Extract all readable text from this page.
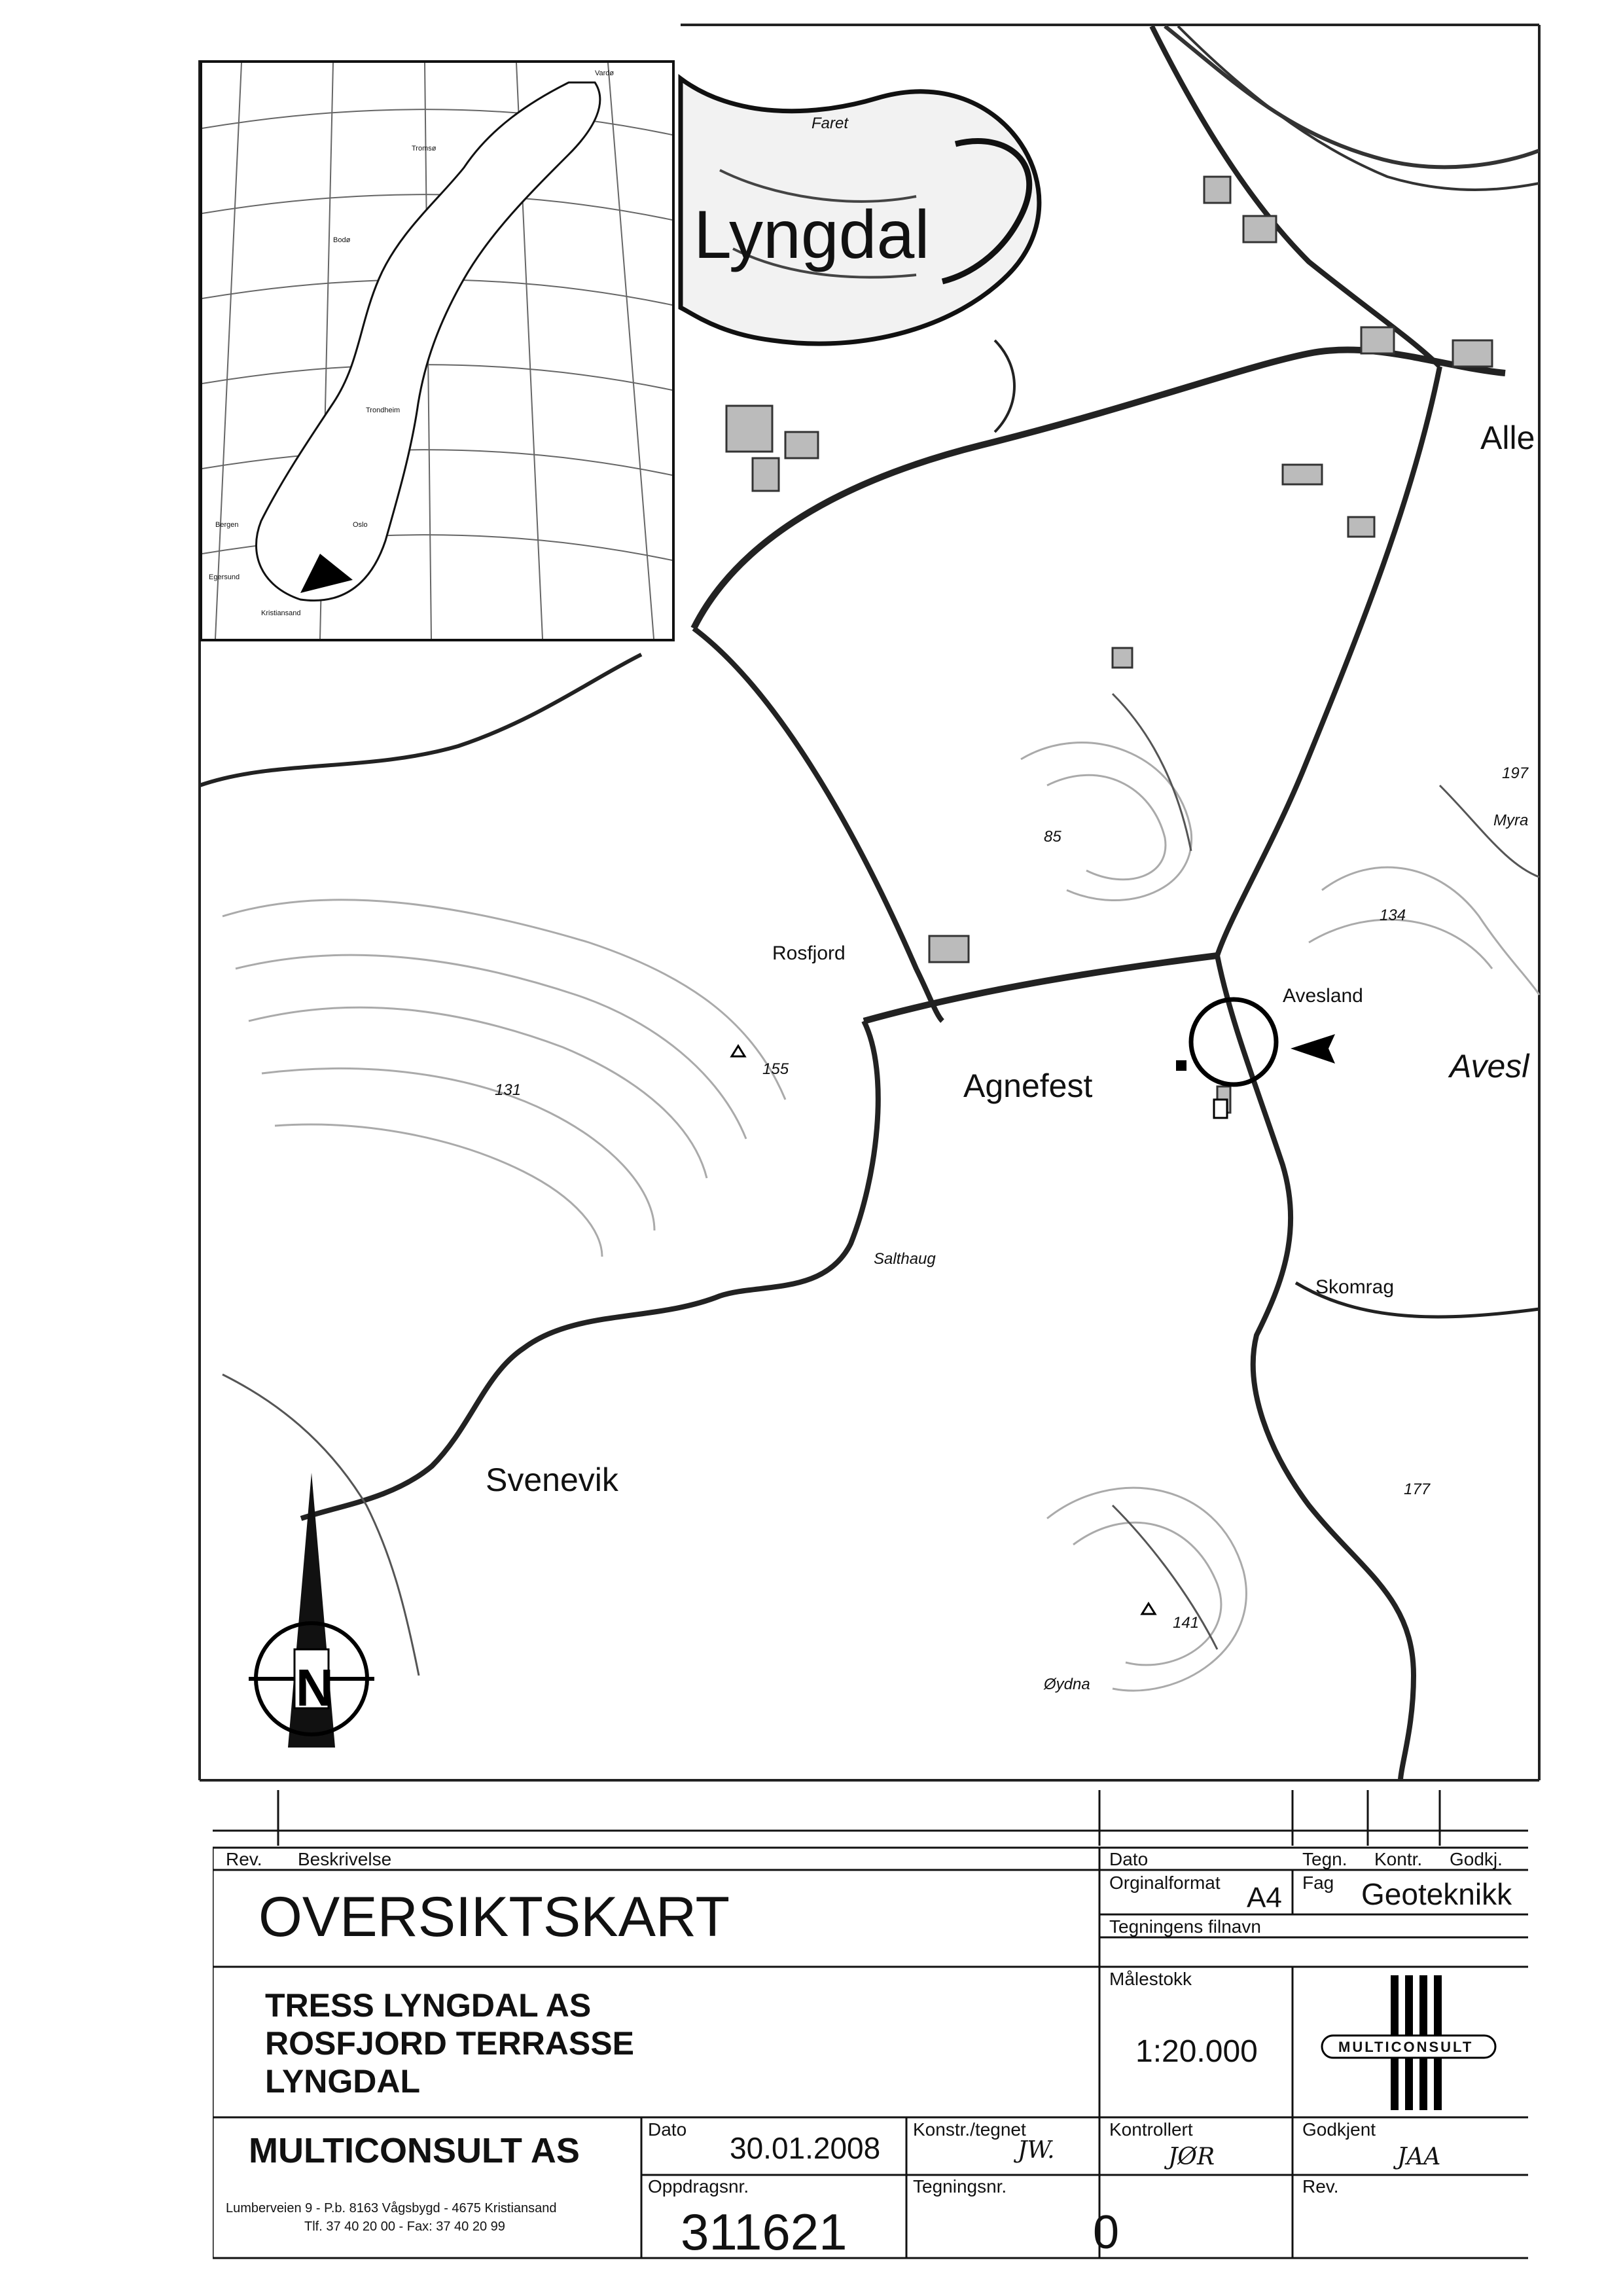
N
Lyngdal
Faret
Alle
Rosfjord
Agnefest
Avesland
Avesl
Salthaug
Skomrag
Svenevik
Øydna
Myra
197
134
85
155
131
177
141
Vardø
Tromsø
Bodø
Trondheim
Bergen	Oslo
Egersund
Kristiansand
Rev. Beskrivelse	Dato	Tegn. Kontr. Godkj.
Orginalformat A4 Fag Geoteknikk
OVERSIKTSKART	Tegningens filnavn
TRESS LYNGDAL AS
ROSFJORD TERRASSE
LYNGDAL
Målestokk
1:20.000	MULTICONSULT
MULTICONSULT AS
Lumberveien 9 - P.b. 8163 Vågsbygd - 4675 Kristiansand
Tlf. 37 40 20 00 - Fax: 37 40 20 99
Dato
30.01.2008
Konstr./tegnet
JW.
Kontrollert
JØR
Godkjent
JAA
Oppdragsnr.
311621
Tegningsnr.
0
Rev.
